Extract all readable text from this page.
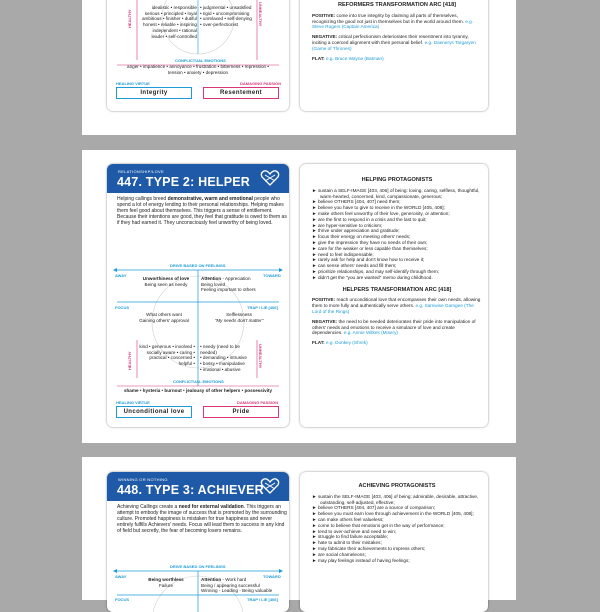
HEALTHY	UNHEALTHY
idealistic • responsible
serious • principled • loyal
ambitious • finisher • dutiful
honest • reliable • inspiring
independent • rational
leader • self-controlled
• judgmental • unsatisfied
• rigid • uncompromising
• unrelaxed • self-denying
• over-perfectionist
CONFLICTUAL EMOTIONS
anger • impatience • annoyance • frustration • bitterness • repression •
tension • anxiety • depression
HEALING VIRTUE	DAMAGING PASSION
Integrity	Resentement
REFORMERS TRANSFORMATION ARC [418]

POSITIVE: come into true integrity by claiming all parts of themselves, recognizing the good not just in themselves but in the world around them. e.g. Steve Rogers (Captain America)

NEGATIVE: critical perfectionism deteriorates their resentment into tyranny, inciting a coerced alignment with their personal belief. e.g. Daenerys Targaryen (Game of Thrones)

FLAT: e.g. Bruce Wayne (Batman)

RELATIONSHIP/LOVE
447. TYPE 2: HELPER
Helping callings breed demonstrative, warm and emotional people who spend a lot of energy lending to their personal relationships. Helping makes them feel good about themselves. This triggers a sense of entitlement. Because their intentions are good, they feel that gratitude is owed to them as if they had earned it. They unconsciously feel unworthy of being loved.
DRIVE BASED ON FEELINGS
AWAY	TOWARD
FOCUS	TRAP / LIE [406]
Unworthiness of love
Being seen as needy
Attention - Appreciation
Being loved
Feeling important to others
What others want
Gaining others' approval
Selflessness
"My needs don't matter"
HEALTHY	UNHEALTHY
kind • generous • involved •
socially aware • caring •
practical • concerned •
helpful •
• needy (need to be needed)
• demanding • intrusive
• bossy • manipulative
• irrational • abusive
CONFLICTUAL EMOTIONS
shame • hysteria • burnout • jealousy of other helpers • possessivity
HEALING VIRTUE	DAMAGING PASSION
Unconditional love	Pride
HELPING PROTAGONISTS
► sustain a SELF-IMAGE [403, 406] of being: loving, caring, selfless, thoughtful, warm-hearted, concerned, kind, compassionate, generous;
► believe OTHERS [404, 407] need them;
► believe you have to give to receive in the WORLD [405, 408];
► make others feel unworthy of their love, generosity, or attention;
► are the first to respond in a crisis and the last to quit;
► are hyper-sensitive to criticism;
► thrive under appreciation and gratitude;
► focus their energy on meeting others' needs;
► give the impression they have no needs of their own;
► care for the weaker or less capable than themselves;
► need to feel indispensable;
► rarely ask for help and don't know how to receive it;
► can sense others' needs and fill them;
► prioritize relationships, and may self-identify through them;
► didn't get the "you are wanted" memo during childhood.
HELPERS TRANSFORMATION ARC [418]

POSITIVE: reach unconditional love that encompasses their own needs, allowing them to more fully and authentically serve others. e.g. Samwise Gamgee (The Lord of the Rings)

NEGATIVE: the need to be needed deteriorates their pride into manipulation of others' needs and emotions to receive a simulacre of love and create dependencies. e.g. Annie Wilkes (Misery)

FLAT: e.g. Donkey (Shrek)

WINNING OR NOTHING
448. TYPE 3: ACHIEVER
Achieving Callings create a need for external validation. This triggers an attempt to embody the image of success that is promoted by the surrounding culture. Promoted happiness is mistaken for true happiness and never entirely fulfills Achievers' needs. Focus will lead them to success in any kind of field but secretly, the fear of becoming losers remains.
DRIVE BASED ON FEELINGS
AWAY	TOWARD
FOCUS	TRAP / LIE [406]
Being worthless
Failure
Attention - Work hard
Being / appearing successful
Winning - Leading - Being valuable
ACHIEVING PROTAGONISTS
► sustain the SELF-IMAGE [403, 406] of being: admirable, desirable, attractive, outstanding, self-adjusted, effective;
► believe OTHERS [404, 407] are a source of comparison;
► believe you must earn love through achievement in the WORLD [405, 408];
► can make others feel valueless;
► come to believe that emotions get in the way of performance;
► tend to over-achieve and need to win;
► struggle to find failure acceptable;
► hate to admit to their mistakes;
► may fabricate their achievements to impress others;
► are social chameleons;
► may play feelings instead of having feelings;
